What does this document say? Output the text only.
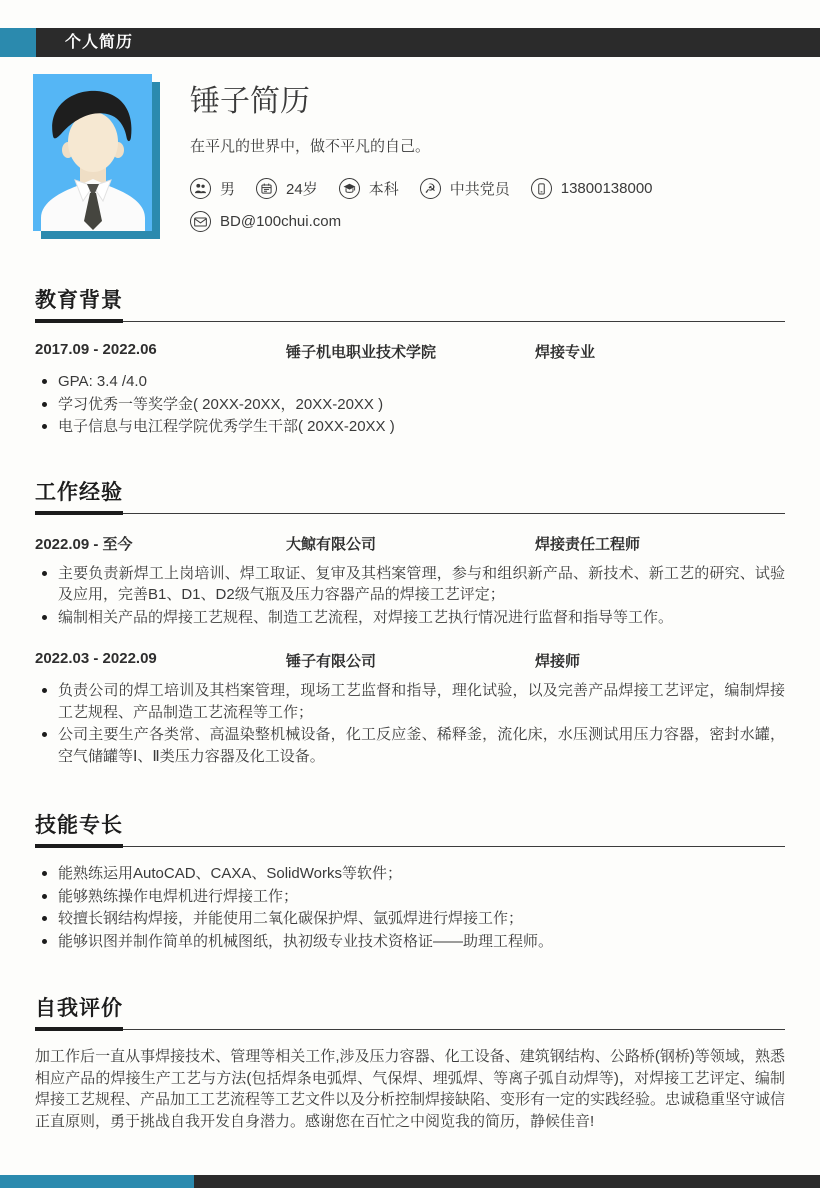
个人简历
锤子简历
在平凡的世界中，做不平凡的自己。
男	24岁	本科 ☭ 中共党员	13800138000
BD@100chui.com
教育背景
2017.09 - 2022.06	锤子机电职业技术学院	焊接专业
GPA: 3.4 /4.0
学习优秀一等奖学金( 20XX-20XX，20XX-20XX )
电子信息与电江程学院优秀学生干部( 20XX-20XX )
工作经验
2022.09 - 至今	大鲸有限公司	焊接责任工程师
主要负责新焊工上岗培训、焊工取证、复审及其档案管理，参与和组织新产品、新技术、新工艺的研究、试验及应用，完善B1、D1、D2级气瓶及压力容器产品的焊接工艺评定；
编制相关产品的焊接工艺规程、制造工艺流程，对焊接工艺执行情况进行监督和指导等工作。
2022.03 - 2022.09	锤子有限公司	焊接师
负责公司的焊工培训及其档案管理，现场工艺监督和指导，理化试验，以及完善产品焊接工艺评定，编制焊接工艺规程、产品制造工艺流程等工作；
公司主要生产各类常、高温染整机械设备，化工反应釜、稀释釜，流化床，水压测试用压力容器，密封水罐，空气储罐等Ⅰ、Ⅱ类压力容器及化工设备。
技能专长
能熟练运用AutoCAD、CAXA、SolidWorks等软件；
能够熟练操作电焊机进行焊接工作；
较擅长钢结构焊接，并能使用二氧化碳保护焊、氩弧焊进行焊接工作；
能够识图并制作简单的机械图纸，执初级专业技术资格证——助理工程师。
自我评价

加工作后一直从事焊接技术、管理等相关工作,涉及压力容器、化工设备、建筑钢结构、公路桥(钢桥)等领域，熟悉相应产品的焊接生产工艺与方法(包括焊条电弧焊、气保焊、埋弧焊、等离子弧自动焊等)，对焊接工艺评定、编制焊接工艺规程、产品加工工艺流程等工艺文件以及分析控制焊接缺陷、变形有一定的实践经验。忠诚稳重坚守诚信正直原则，勇于挑战自我开发自身潜力。感谢您在百忙之中阅览我的简历，静候佳音!
